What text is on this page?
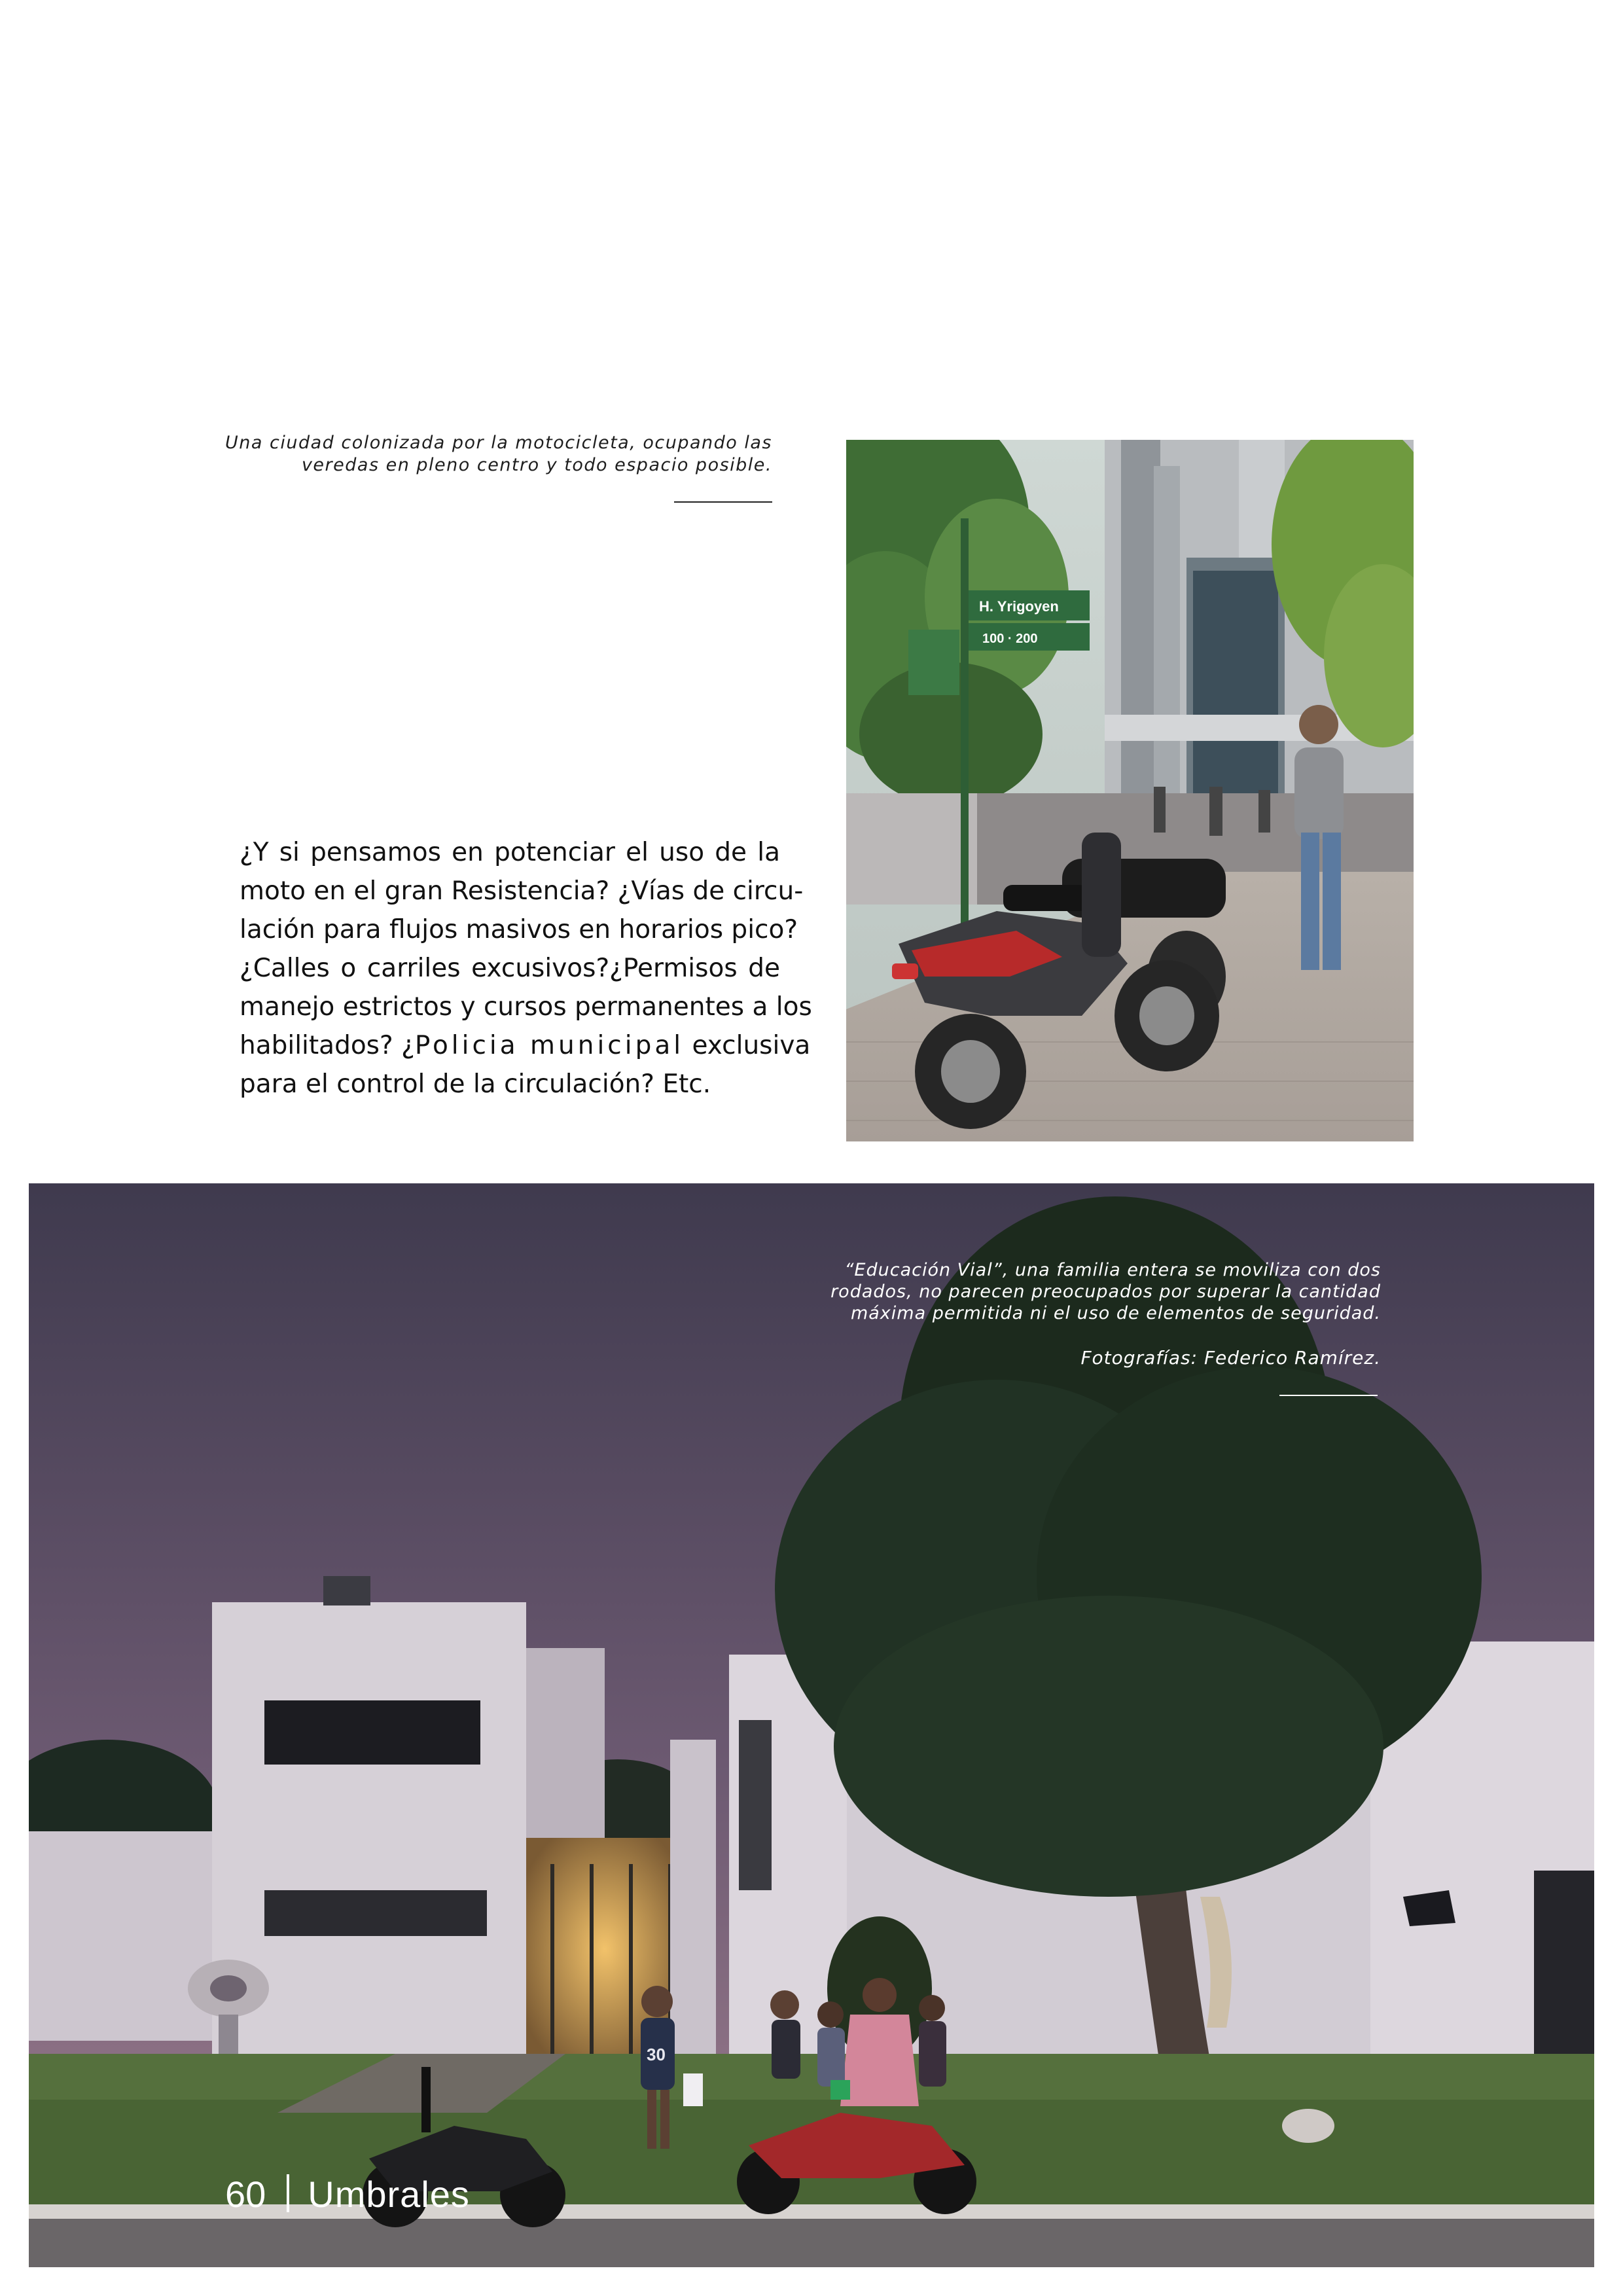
Una ciudad colonizada por la motocicleta, ocupando las
veredas en pleno centro y todo espacio posible.
¿Y si pensamos en potenciar el uso de la
moto en el gran Resistencia? ¿Vías de circu-
lación para flujos masivos en horarios pico?
¿Calles o carriles excusivos?¿Permisos de
manejo estrictos y cursos permanentes a los
habilitados? ¿Policia municipal exclusiva
para el control de la circulación? Etc.
H. Yrigoyen
100 · 200
30
“Educación Vial”, una familia entera se moviliza con dos
rodados, no parecen preocupados por superar la cantidad
máxima permitida ni el uso de elementos de seguridad.
Fotografías: Federico Ramírez.
60 Umbrales
